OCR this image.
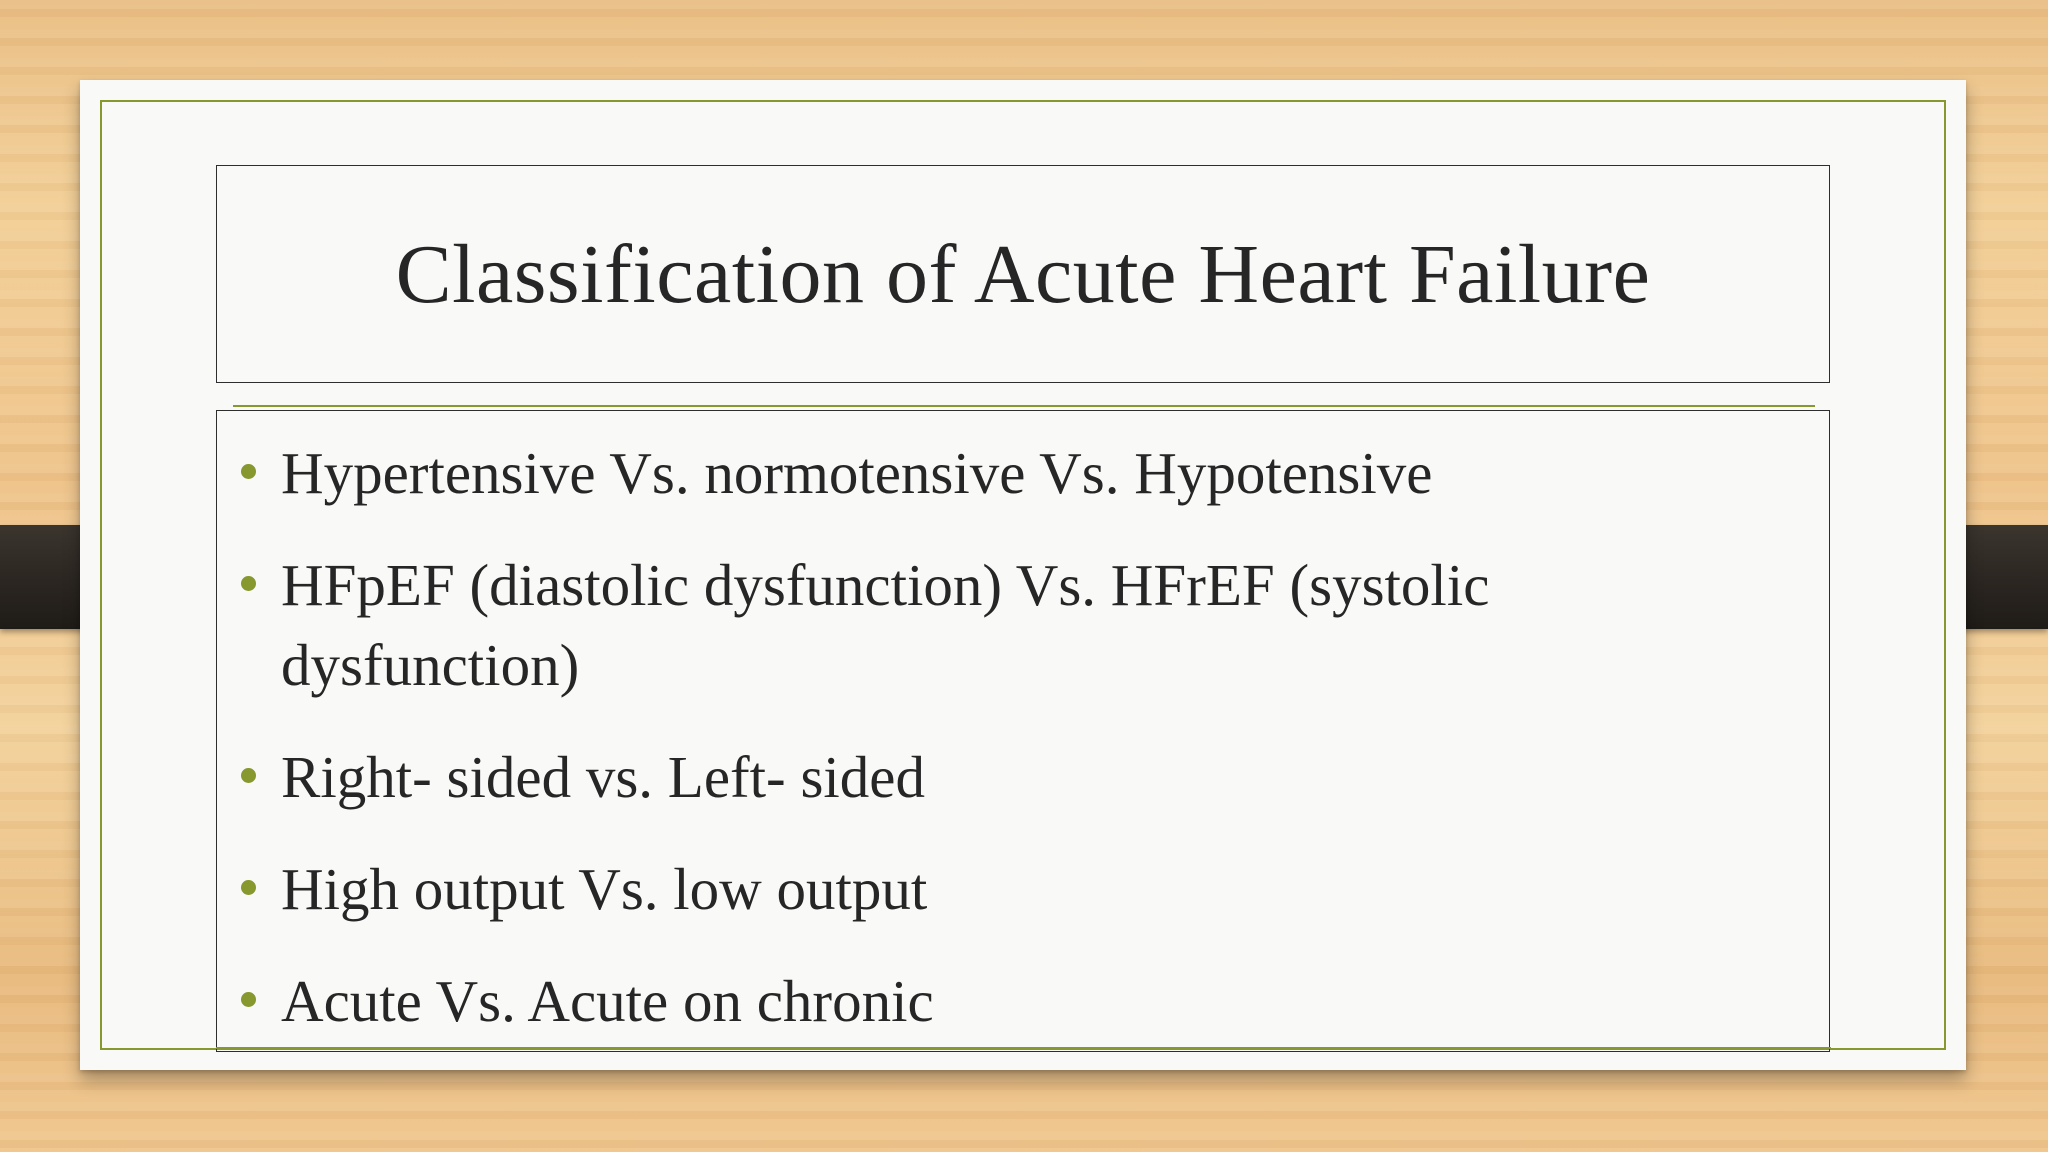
Classification of Acute Heart Failure
Hypertensive Vs. normotensive Vs. Hypotensive
HFpEF (diastolic dysfunction) Vs. HFrEF (systolic dysfunction)
Right- sided vs. Left- sided
High output Vs. low output
Acute Vs. Acute on chronic
